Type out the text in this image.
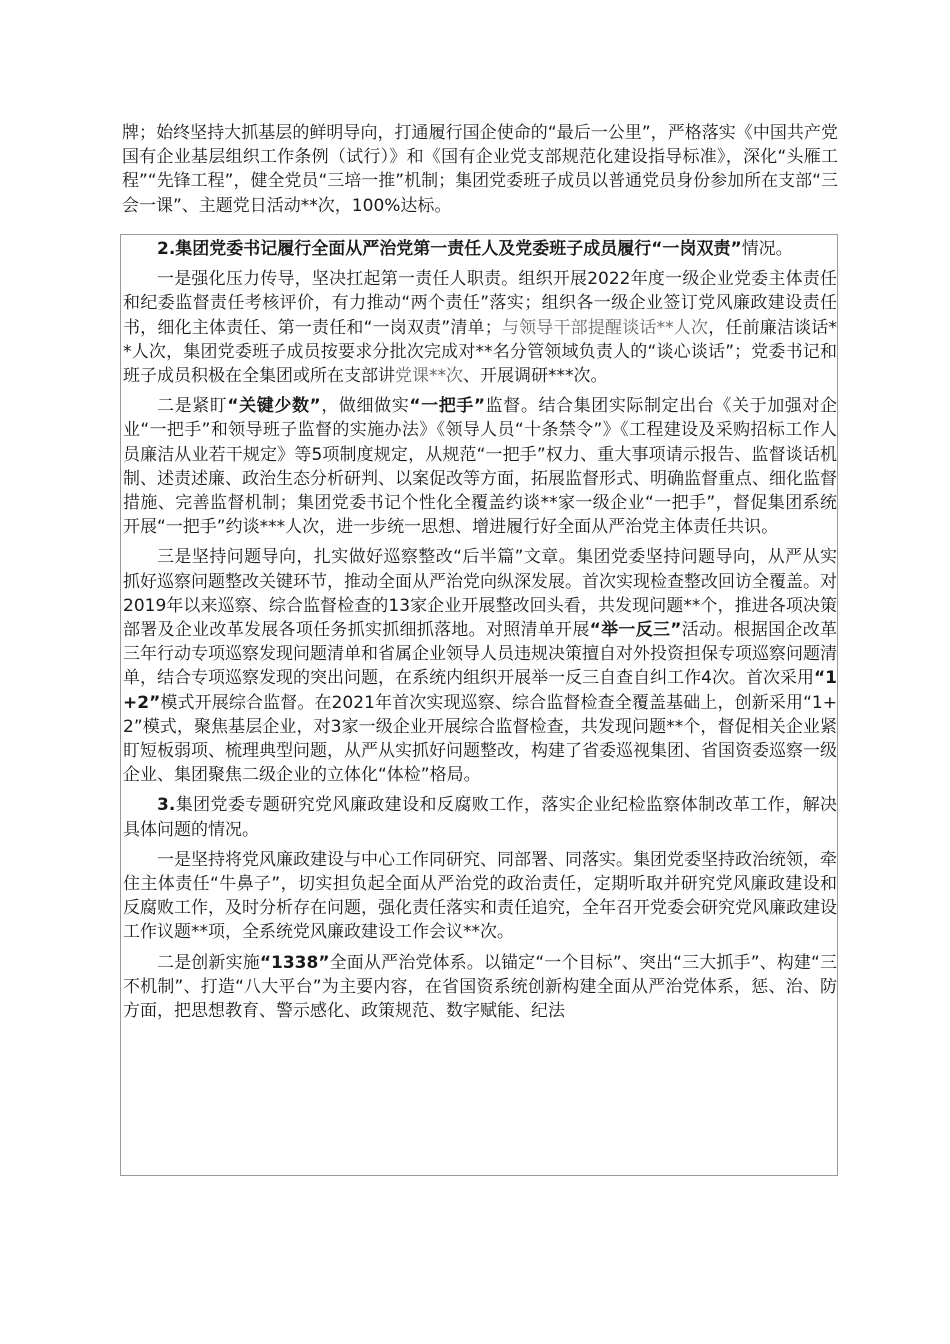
牌；始终坚持大抓基层的鲜明导向，打通履行国企使命的“最后一公里”，严格落实《中国共产党国有企业基层组织工作条例（试行）》和《国有企业党支部规范化建设指导标准》，深化“头雁工程”“先锋工程”，健全党员“三培一推”机制；集团党委班子成员以普通党员身份参加所在支部“三会一课”、主题党日活动**次，100%达标。

2.集团党委书记履行全面从严治党第一责任人及党委班子成员履行“一岗双责”情况。

一是强化压力传导，坚决扛起第一责任人职责。组织开展2022年度一级企业党委主体责任和纪委监督责任考核评价，有力推动“两个责任”落实；组织各一级企业签订党风廉政建设责任书，细化主体责任、第一责任和“一岗双责”清单；与领导干部提醒谈话**人次，任前廉洁谈话**人次，集团党委班子成员按要求分批次完成对**名分管领域负责人的“谈心谈话”；党委书记和班子成员积极在全集团或所在支部讲党课**次、开展调研***次。

二是紧盯“关键少数”，做细做实“一把手”监督。结合集团实际制定出台《关于加强对企业“一把手”和领导班子监督的实施办法》《领导人员“十条禁令”》《工程建设及采购招标工作人员廉洁从业若干规定》等5项制度规定，从规范“一把手”权力、重大事项请示报告、监督谈话机制、述责述廉、政治生态分析研判、以案促改等方面，拓展监督形式、明确监督重点、细化监督措施、完善监督机制；集团党委书记个性化全覆盖约谈**家一级企业“一把手”，督促集团系统开展“一把手”约谈***人次，进一步统一思想、增进履行好全面从严治党主体责任共识。

三是坚持问题导向，扎实做好巡察整改“后半篇”文章。集团党委坚持问题导向，从严从实抓好巡察问题整改关键环节，推动全面从严治党向纵深发展。首次实现检查整改回访全覆盖。对2019年以来巡察、综合监督检查的13家企业开展整改回头看，共发现问题**个，推进各项决策部署及企业改革发展各项任务抓实抓细抓落地。对照清单开展“举一反三”活动。根据国企改革三年行动专项巡察发现问题清单和省属企业领导人员违规决策擅自对外投资担保专项巡察问题清单，结合专项巡察发现的突出问题，在系统内组织开展举一反三自查自纠工作4次。首次采用“1+2”模式开展综合监督。在2021年首次实现巡察、综合监督检查全覆盖基础上，创新采用“1+2”模式，聚焦基层企业，对3家一级企业开展综合监督检查，共发现问题**个，督促相关企业紧盯短板弱项、梳理典型问题，从严从实抓好问题整改，构建了省委巡视集团、省国资委巡察一级企业、集团聚焦二级企业的立体化“体检”格局。

3.集团党委专题研究党风廉政建设和反腐败工作，落实企业纪检监察体制改革工作，解决具体问题的情况。

一是坚持将党风廉政建设与中心工作同研究、同部署、同落实。集团党委坚持政治统领，牵住主体责任“牛鼻子”，切实担负起全面从严治党的政治责任，定期听取并研究党风廉政建设和反腐败工作，及时分析存在问题，强化责任落实和责任追究，全年召开党委会研究党风廉政建设工作议题**项，全系统党风廉政建设工作会议**次。

二是创新实施“1338”全面从严治党体系。以锚定“一个目标”、突出“三大抓手”、构建“三不机制”、打造“八大平台”为主要内容，在省国资系统创新构建全面从严治党体系，惩、治、防方面，把思想教育、警示感化、政策规范、数字赋能、纪法
